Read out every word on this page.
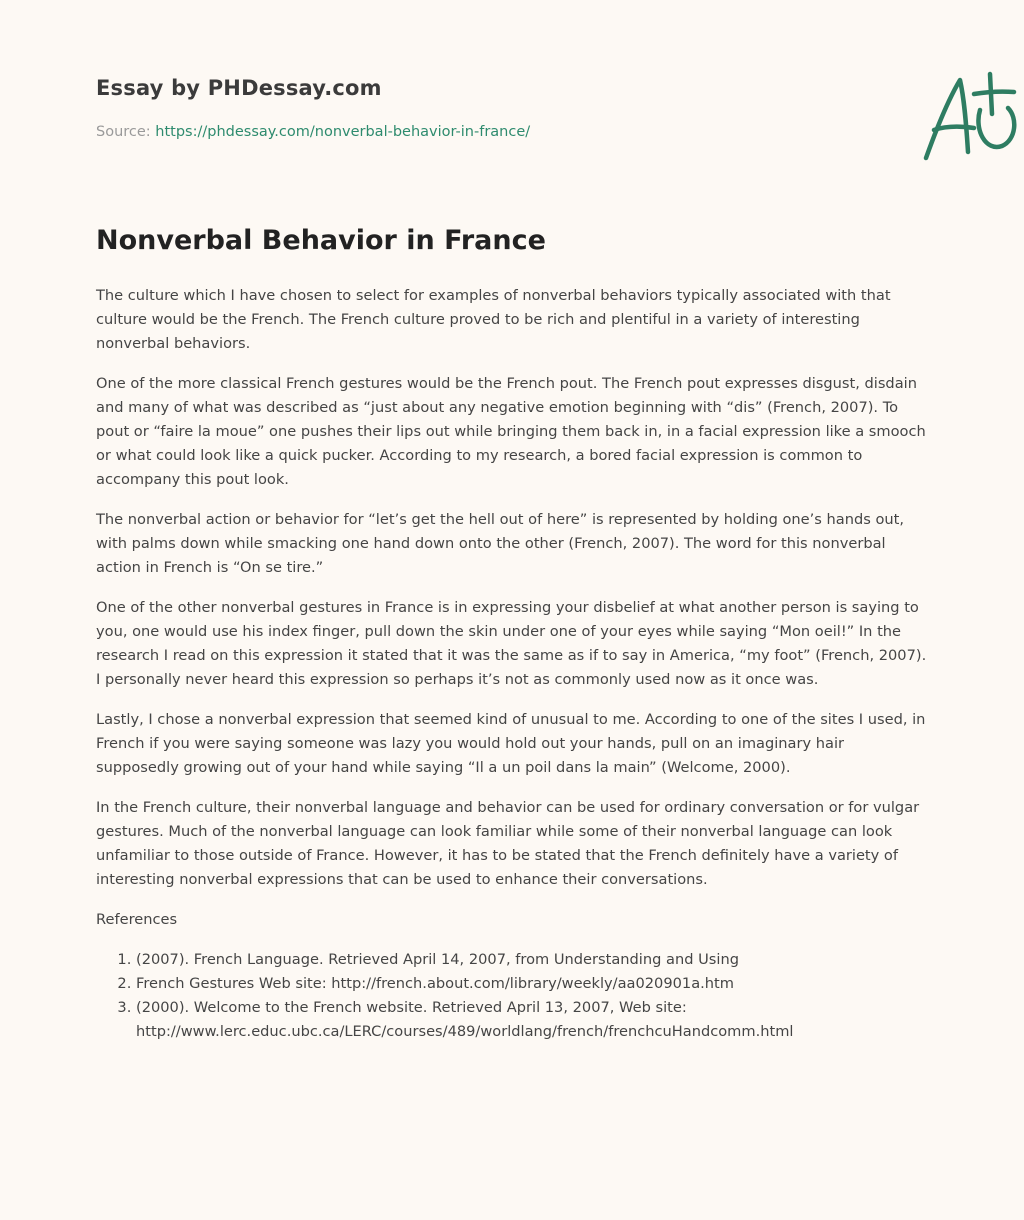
Essay by PHDessay.com
Source: https://phdessay.com/nonverbal-behavior-in-france/
Nonverbal Behavior in France

The culture which I have chosen to select for examples of nonverbal behaviors typically associated with that culture would be the French. The French culture proved to be rich and plentiful in a variety of interesting nonverbal behaviors.

One of the more classical French gestures would be the French pout. The French pout expresses disgust, disdain and many of what was described as “just about any negative emotion beginning with “dis” (French, 2007). To pout or “faire la moue” one pushes their lips out while bringing them back in, in a facial expression like a smooch or what could look like a quick pucker. According to my research, a bored facial expression is common to accompany this pout look.

The nonverbal action or behavior for “let’s get the hell out of here” is represented by holding one’s hands out, with palms down while smacking one hand down onto the other (French, 2007). The word for this nonverbal action in French is “On se tire.”

One of the other nonverbal gestures in France is in expressing your disbelief at what another person is saying to you, one would use his index finger, pull down the skin under one of your eyes while saying “Mon oeil!” In the research I read on this expression it stated that it was the same as if to say in America, “my foot” (French, 2007). I personally never heard this expression so perhaps it’s not as commonly used now as it once was.

Lastly, I chose a nonverbal expression that seemed kind of unusual to me. According to one of the sites I used, in French if you were saying someone was lazy you would hold out your hands, pull on an imaginary hair supposedly growing out of your hand while saying “Il a un poil dans la main” (Welcome, 2000).

In the French culture, their nonverbal language and behavior can be used for ordinary conversation or for vulgar gestures. Much of the nonverbal language can look familiar while some of their nonverbal language can look unfamiliar to those outside of France. However, it has to be stated that the French definitely have a variety of interesting nonverbal expressions that can be used to enhance their conversations.

References
1. (2007). French Language. Retrieved April 14, 2007, from Understanding and Using
2. French Gestures Web site: http://french.about.com/library/weekly/aa020901a.htm
3. (2000). Welcome to the French website. Retrieved April 13, 2007, Web site: http://www.lerc.educ.ubc.ca/LERC/courses/489/worldlang/french/frenchcuHandcomm.html
